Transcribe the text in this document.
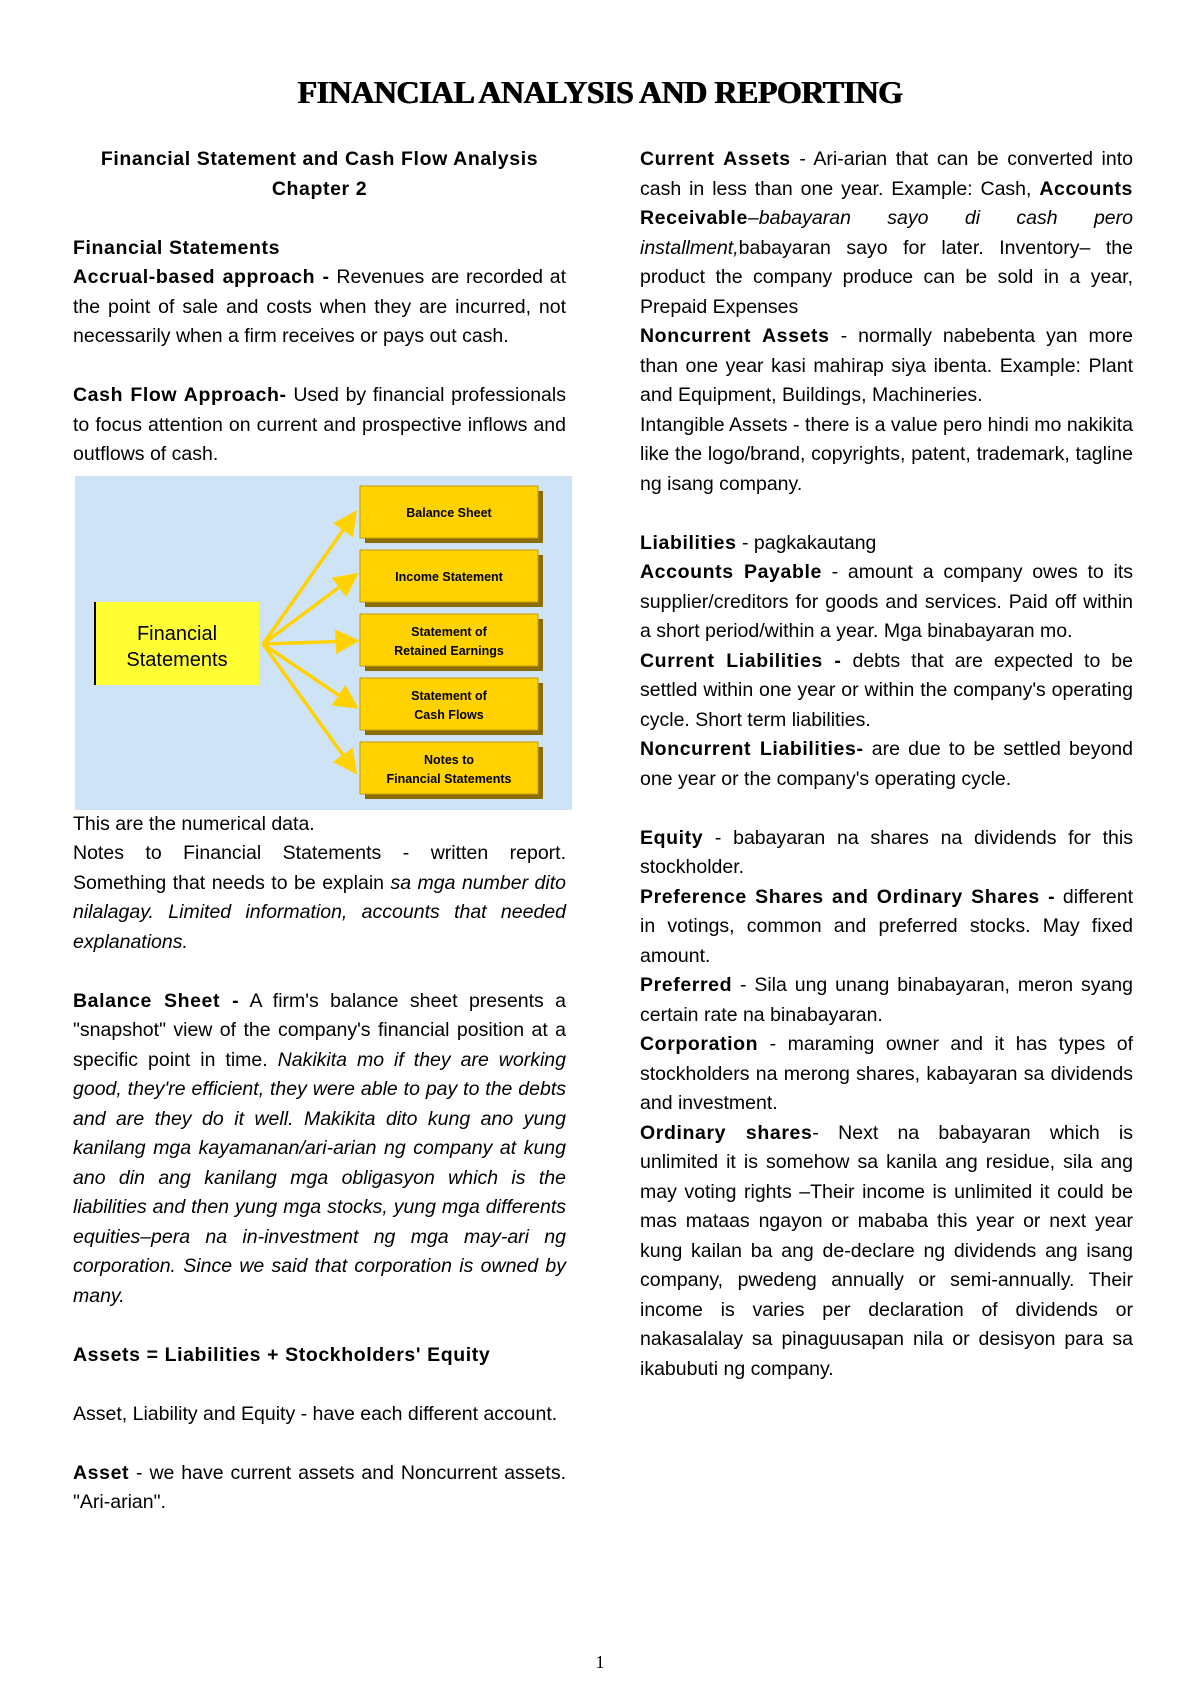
FINANCIAL ANALYSIS AND REPORTING

Financial Statement and Cash Flow Analysis

Chapter 2

Financial Statements

Accrual-based approach - Revenues are recorded at the point of sale and costs when they are incurred, not necessarily when a firm receives or pays out cash.

Cash Flow Approach- Used by financial professionals to focus attention on current and prospective inflows and outflows of cash.

Financial
Statements
Balance Sheet
Income Statement
Statement of
Retained Earnings
Statement of
Cash Flows
Notes to
Financial Statements

This are the numerical data.

Notes to Financial Statements - written report. Something that needs to be explain sa mga number dito nilalagay. Limited information, accounts that needed explanations.

Balance Sheet - A firm's balance sheet presents a "snapshot" view of the company's financial position at a specific point in time. Nakikita mo if they are working good, they're efficient, they were able to pay to the debts and are they do it well. Makikita dito kung ano yung kanilang mga kayamanan/ari-arian ng company at kung ano din ang kanilang mga obligasyon which is the liabilities and then yung mga stocks, yung mga differents equities–pera na in-investment ng mga may-ari ng corporation. Since we said that corporation is owned by many.

Assets = Liabilities + Stockholders' Equity

Asset, Liability and Equity - have each different account.

Asset - we have current assets and Noncurrent assets. "Ari-arian".

Current Assets - Ari-arian that can be converted into cash in less than one year. Example: Cash, Accounts Receivable–babayaran sayo di cash pero installment,babayaran sayo for later. Inventory– the product the company produce can be sold in a year, Prepaid Expenses

Noncurrent Assets - normally nabebenta yan more than one year kasi mahirap siya ibenta. Example: Plant and Equipment, Buildings, Machineries.

Intangible Assets - there is a value pero hindi mo nakikita like the logo/brand, copyrights, patent, trademark, tagline ng isang company.

Liabilities - pagkakautang

Accounts Payable - amount a company owes to its supplier/creditors for goods and services. Paid off within a short period/within a year. Mga binabayaran mo.

Current Liabilities - debts that are expected to be settled within one year or within the company's operating cycle. Short term liabilities.

Noncurrent Liabilities- are due to be settled beyond one year or the company's operating cycle.

Equity - babayaran na shares na dividends for this stockholder.

Preference Shares and Ordinary Shares - different in votings, common and preferred stocks. May fixed amount.

Preferred - Sila ung unang binabayaran, meron syang certain rate na binabayaran.

Corporation - maraming owner and it has types of stockholders na merong shares, kabayaran sa dividends and investment.

Ordinary shares- Next na babayaran which is unlimited it is somehow sa kanila ang residue, sila ang may voting rights –Their income is unlimited it could be mas mataas ngayon or mababa this year or next year kung kailan ba ang de-declare ng dividends ang isang company, pwedeng annually or semi-annually. Their income is varies per declaration of dividends or nakasalalay sa pinaguusapan nila or desisyon para sa ikabubuti ng company.

1
